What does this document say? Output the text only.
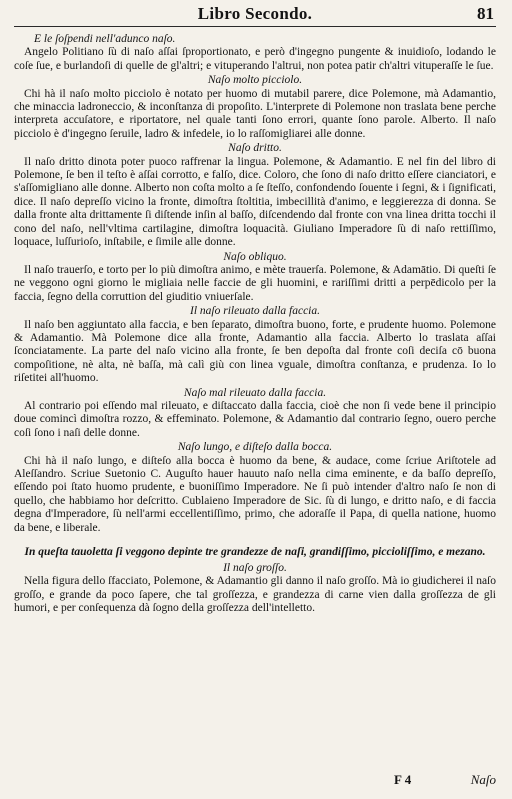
Libro Secondo.	81
E le ſoſpendi nell'adunco naſo.

Angelo Politiano ſù di naſo aſſai ſproportionato, e però d'ingegno pungente & inuidioſo, lodando le coſe ſue, e burlandoſi di quelle de gl'altri; e vituperando l'altrui, non potea patir ch'altri vituperaſſe le ſue.

Naſo molto picciolo.

Chi hà il naſo molto picciolo è notato per huomo di mutabil parere, dice Polemone, mà Adamantio, che minaccia ladroneccio, & inconſtanza di propoſito. L'interprete di Polemone non traslata bene perche interpreta accuſatore, e riportatore, nel quale tanti ſono errori, quante ſono parole. Alberto. Il naſo picciolo è d'ingegno ſeruile, ladro & infedele, io lo raſſomigliarei alle donne.

Naſo dritto.

Il naſo dritto dinota poter puoco raffrenar la lingua. Polemone, & Adamantio. E nel fin del libro di Polemone, ſe ben il teſto è aſſai corrotto, e falſo, dice. Coloro, che ſono di naſo dritto eſſere cianciatori, e s'aſſomigliano alle donne. Alberto non coſta molto a ſe ſteſſo, confondendo ſouente i ſegni, & i ſignificati, dice. Il naſo depreſſo vicino la fronte, dimoſtra ſtoltitia, imbecillità d'animo, e leggierezza di donna. Se dalla fronte alta drittamente ſi diſtende inſin al baſſo, diſcendendo dal fronte con vna linea dritta tocchi il cono del naſo, nell'vltima cartilagine, dimoſtra loquacità. Giuliano Imperadore ſù di naſo rettiſſimo, loquace, luſſurioſo, inſtabile, e ſimile alle donne.

Naſo obliquo.

Il naſo trauerſo, e torto per lo più dimoſtra animo, e mète trauerſa. Polemone, & Adamātio. Di queſti ſe ne veggono ogni giorno le migliaia nelle faccie de gli huomini, e rariſſimi dritti a perpēdicolo per la faccia, ſegno della corruttion del giuditio vniuerſale.

Il naſo rileuato dalla faccia.

Il naſo ben aggiuntato alla faccia, e ben ſeparato, dimoſtra buono, forte, e prudente huomo. Polemone & Adamantio. Mà Polemone dice alla fronte, Adamantio alla faccia. Alberto lo traslata aſſai ſconciatamente. La parte del naſo vicino alla fronte, ſe ben depoſta dal fronte coſi deciſa cō buona compoſitione, nè alta, nè baſſa, mà calì giù con linea vguale, dimoſtra conſtanza, e prudenza. Io lo riſetitei all'huomo.

Naſo mal rileuato dalla faccia.

Al contrario poi eſſendo mal rileuato, e diſtaccato dalla faccia, cioè che non ſi vede bene il principio doue comincì dimoſtra rozzo, & effeminato. Polemone, & Adamantio dal contrario ſegno, ouero perche coſi ſono i naſi delle donne.

Naſo lungo, e diſteſo dalla bocca.

Chi hà il naſo lungo, e diſteſo alla bocca è huomo da bene, & audace, come ſcriue Ariſtotele ad Aleſſandro. Scriue Suetonio C. Auguſto hauer hauuto naſo nella cima eminente, e da baſſo depreſſo, eſſendo poi ſtato huomo prudente, e buoniſſimo Imperadore. Ne ſi può intender d'altro naſo ſe non di quello, che habbiamo hor deſcritto. Cublaieno Imperadore de Sic. ſù di lungo, e dritto naſo, e di faccia degna d'Imperadore, ſù nell'armi eccellentiſſimo, primo, che adoraſſe il Papa, di quella natione, huomo da bene, e liberale.

In queſta tauoletta ſi veggono depinte tre grandezze de naſi, grandiſſimo, piccioliſſimo, e mezano.
Il naſo groſſo.

Nella figura dello ſfacciato, Polemone, & Adamantio gli danno il naſo groſſo. Mà io giudicherei il naſo groſſo, e grande da poco ſapere, che tal groſſezza, e grandezza di carne vien dalla groſſezza de gli humori, e per conſequenza dà ſogno della groſſezza dell'intelletto.

F 4	Naſo
